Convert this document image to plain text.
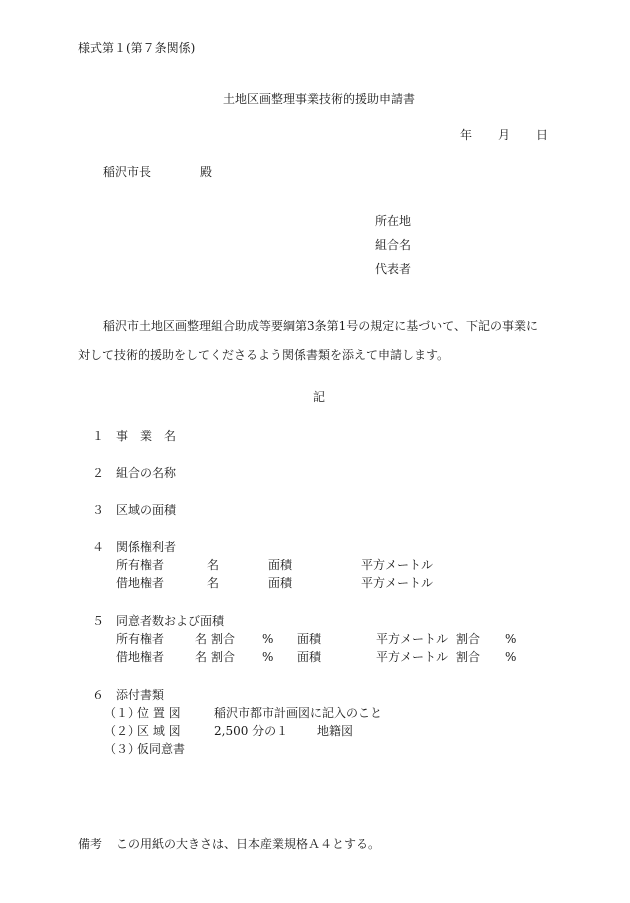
様式第１(第７条関係)
土地区画整理事業技術的援助申請書
年 月 日
稲沢市長	殿
所在地
組合名
代表者
稲沢市土地区画整理組合助成等要綱第3条第1号の規定に基づいて、下記の事業に
対して技術的援助をしてくださるよう関係書類を添えて申請します。
記
１ 事　業　名
２ 組合の名称
３ 区域の面積
４ 関係権利者
所有権者	名	面積	平方メートル
借地権者	名	面積	平方メートル
５ 同意者数および面積
所有権者	名 割合 % 面積	平方メートル 割合 %
借地権者	名 割合 % 面積	平方メートル 割合 %
６ 添付書類
（１）
位 置 図	稲沢市都市計画図に記入のこと
（２）
区 域 図	2,500 分の１ 地籍図
（３）
仮同意書
備考 この用紙の大きさは、日本産業規格Ａ４とする。
